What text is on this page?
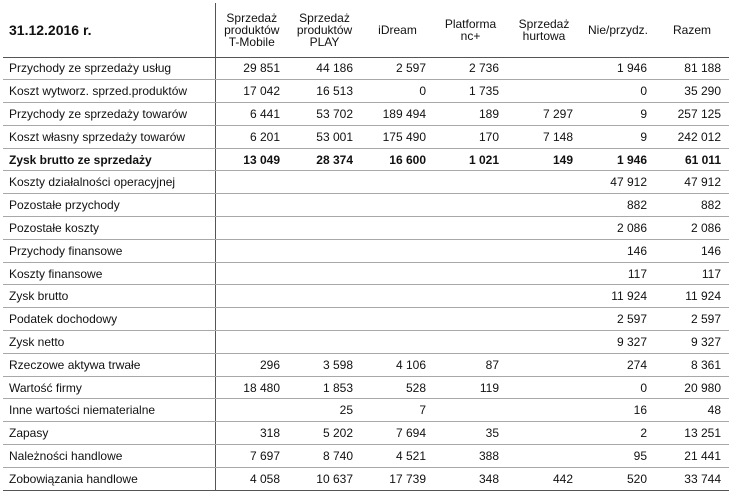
31.12.2016 r.	Sprzedaż produktów T-Mobile	Sprzedaż produktów PLAY	iDream	Platforma nc+	Sprzedaż hurtowa	Nie/przydz.	Razem
Przychody ze sprzedaży usług	29 851	44 186	2 597	2 736		1 946	81 188
Koszt wytworz. sprzed.produktów	17 042	16 513	0	1 735		0	35 290
Przychody ze sprzedaży towarów	6 441	53 702	189 494	189	7 297	9	257 125
Koszt własny sprzedaży towarów	6 201	53 001	175 490	170	7 148	9	242 012
Zysk brutto ze sprzedaży	13 049	28 374	16 600	1 021	149	1 946	61 011
Koszty działalności operacyjnej						47 912	47 912
Pozostałe przychody						882	882
Pozostałe koszty						2 086	2 086
Przychody finansowe						146	146
Koszty finansowe						117	117
Zysk brutto						11 924	11 924
Podatek dochodowy						2 597	2 597
Zysk netto						9 327	9 327
Rzeczowe aktywa trwałe	296	3 598	4 106	87		274	8 361
Wartość firmy	18 480	1 853	528	119		0	20 980
Inne wartości niematerialne		25	7			16	48
Zapasy	318	5 202	7 694	35		2	13 251
Należności handlowe	7 697	8 740	4 521	388		95	21 441
Zobowiązania handlowe	4 058	10 637	17 739	348	442	520	33 744
